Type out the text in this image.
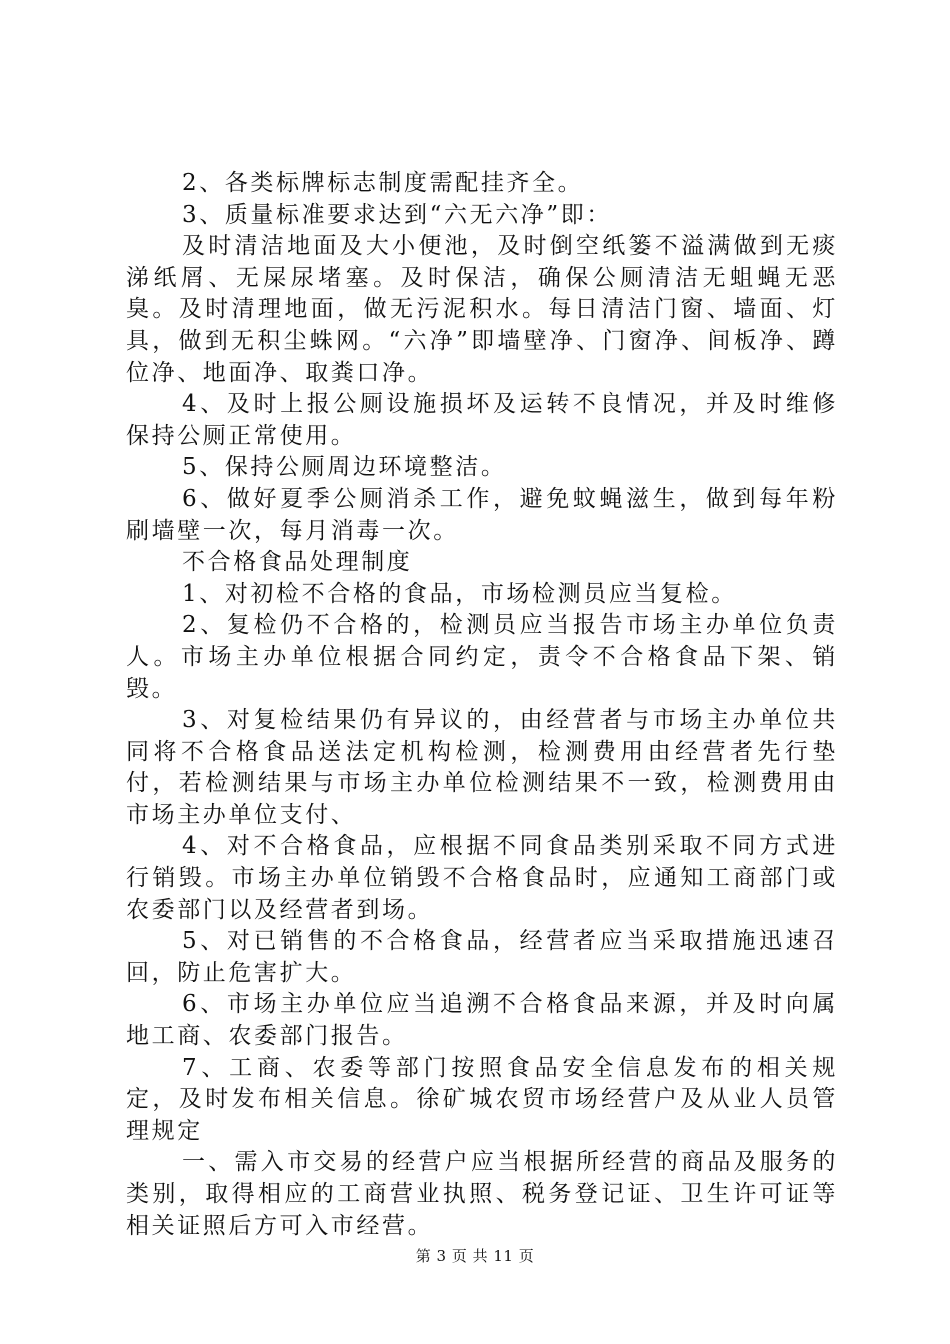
2、各类标牌标志制度需配挂齐全。

3、质量标准要求达到“六无六净”即：

及时清洁地面及大小便池，及时倒空纸篓不溢满做到无痰涕纸屑、无屎尿堵塞。及时保洁，确保公厕清洁无蛆蝇无恶臭。及时清理地面，做无污泥积水。每日清洁门窗、墙面、灯具，做到无积尘蛛网。“六净”即墙壁净、门窗净、间板净、蹲位净、地面净、取粪口净。

4、及时上报公厕设施损坏及运转不良情况，并及时维修保持公厕正常使用。

5、保持公厕周边环境整洁。

6、做好夏季公厕消杀工作，避免蚊蝇滋生，做到每年粉刷墙壁一次，每月消毒一次。

不合格食品处理制度

1、对初检不合格的食品，市场检测员应当复检。

2、复检仍不合格的，检测员应当报告市场主办单位负责人。市场主办单位根据合同约定，责令不合格食品下架、销毁。

3、对复检结果仍有异议的，由经营者与市场主办单位共同将不合格食品送法定机构检测，检测费用由经营者先行垫付，若检测结果与市场主办单位检测结果不一致，检测费用由市场主办单位支付、

4、对不合格食品，应根据不同食品类别采取不同方式进行销毁。市场主办单位销毁不合格食品时，应通知工商部门或农委部门以及经营者到场。

5、对已销售的不合格食品，经营者应当采取措施迅速召回，防止危害扩大。

6、市场主办单位应当追溯不合格食品来源，并及时向属地工商、农委部门报告。

7、工商、农委等部门按照食品安全信息发布的相关规定，及时发布相关信息。徐矿城农贸市场经营户及从业人员管理规定

一、需入市交易的经营户应当根据所经营的商品及服务的类别，取得相应的工商营业执照、税务登记证、卫生许可证等相关证照后方可入市经营。

第 3 页 共 11 页
